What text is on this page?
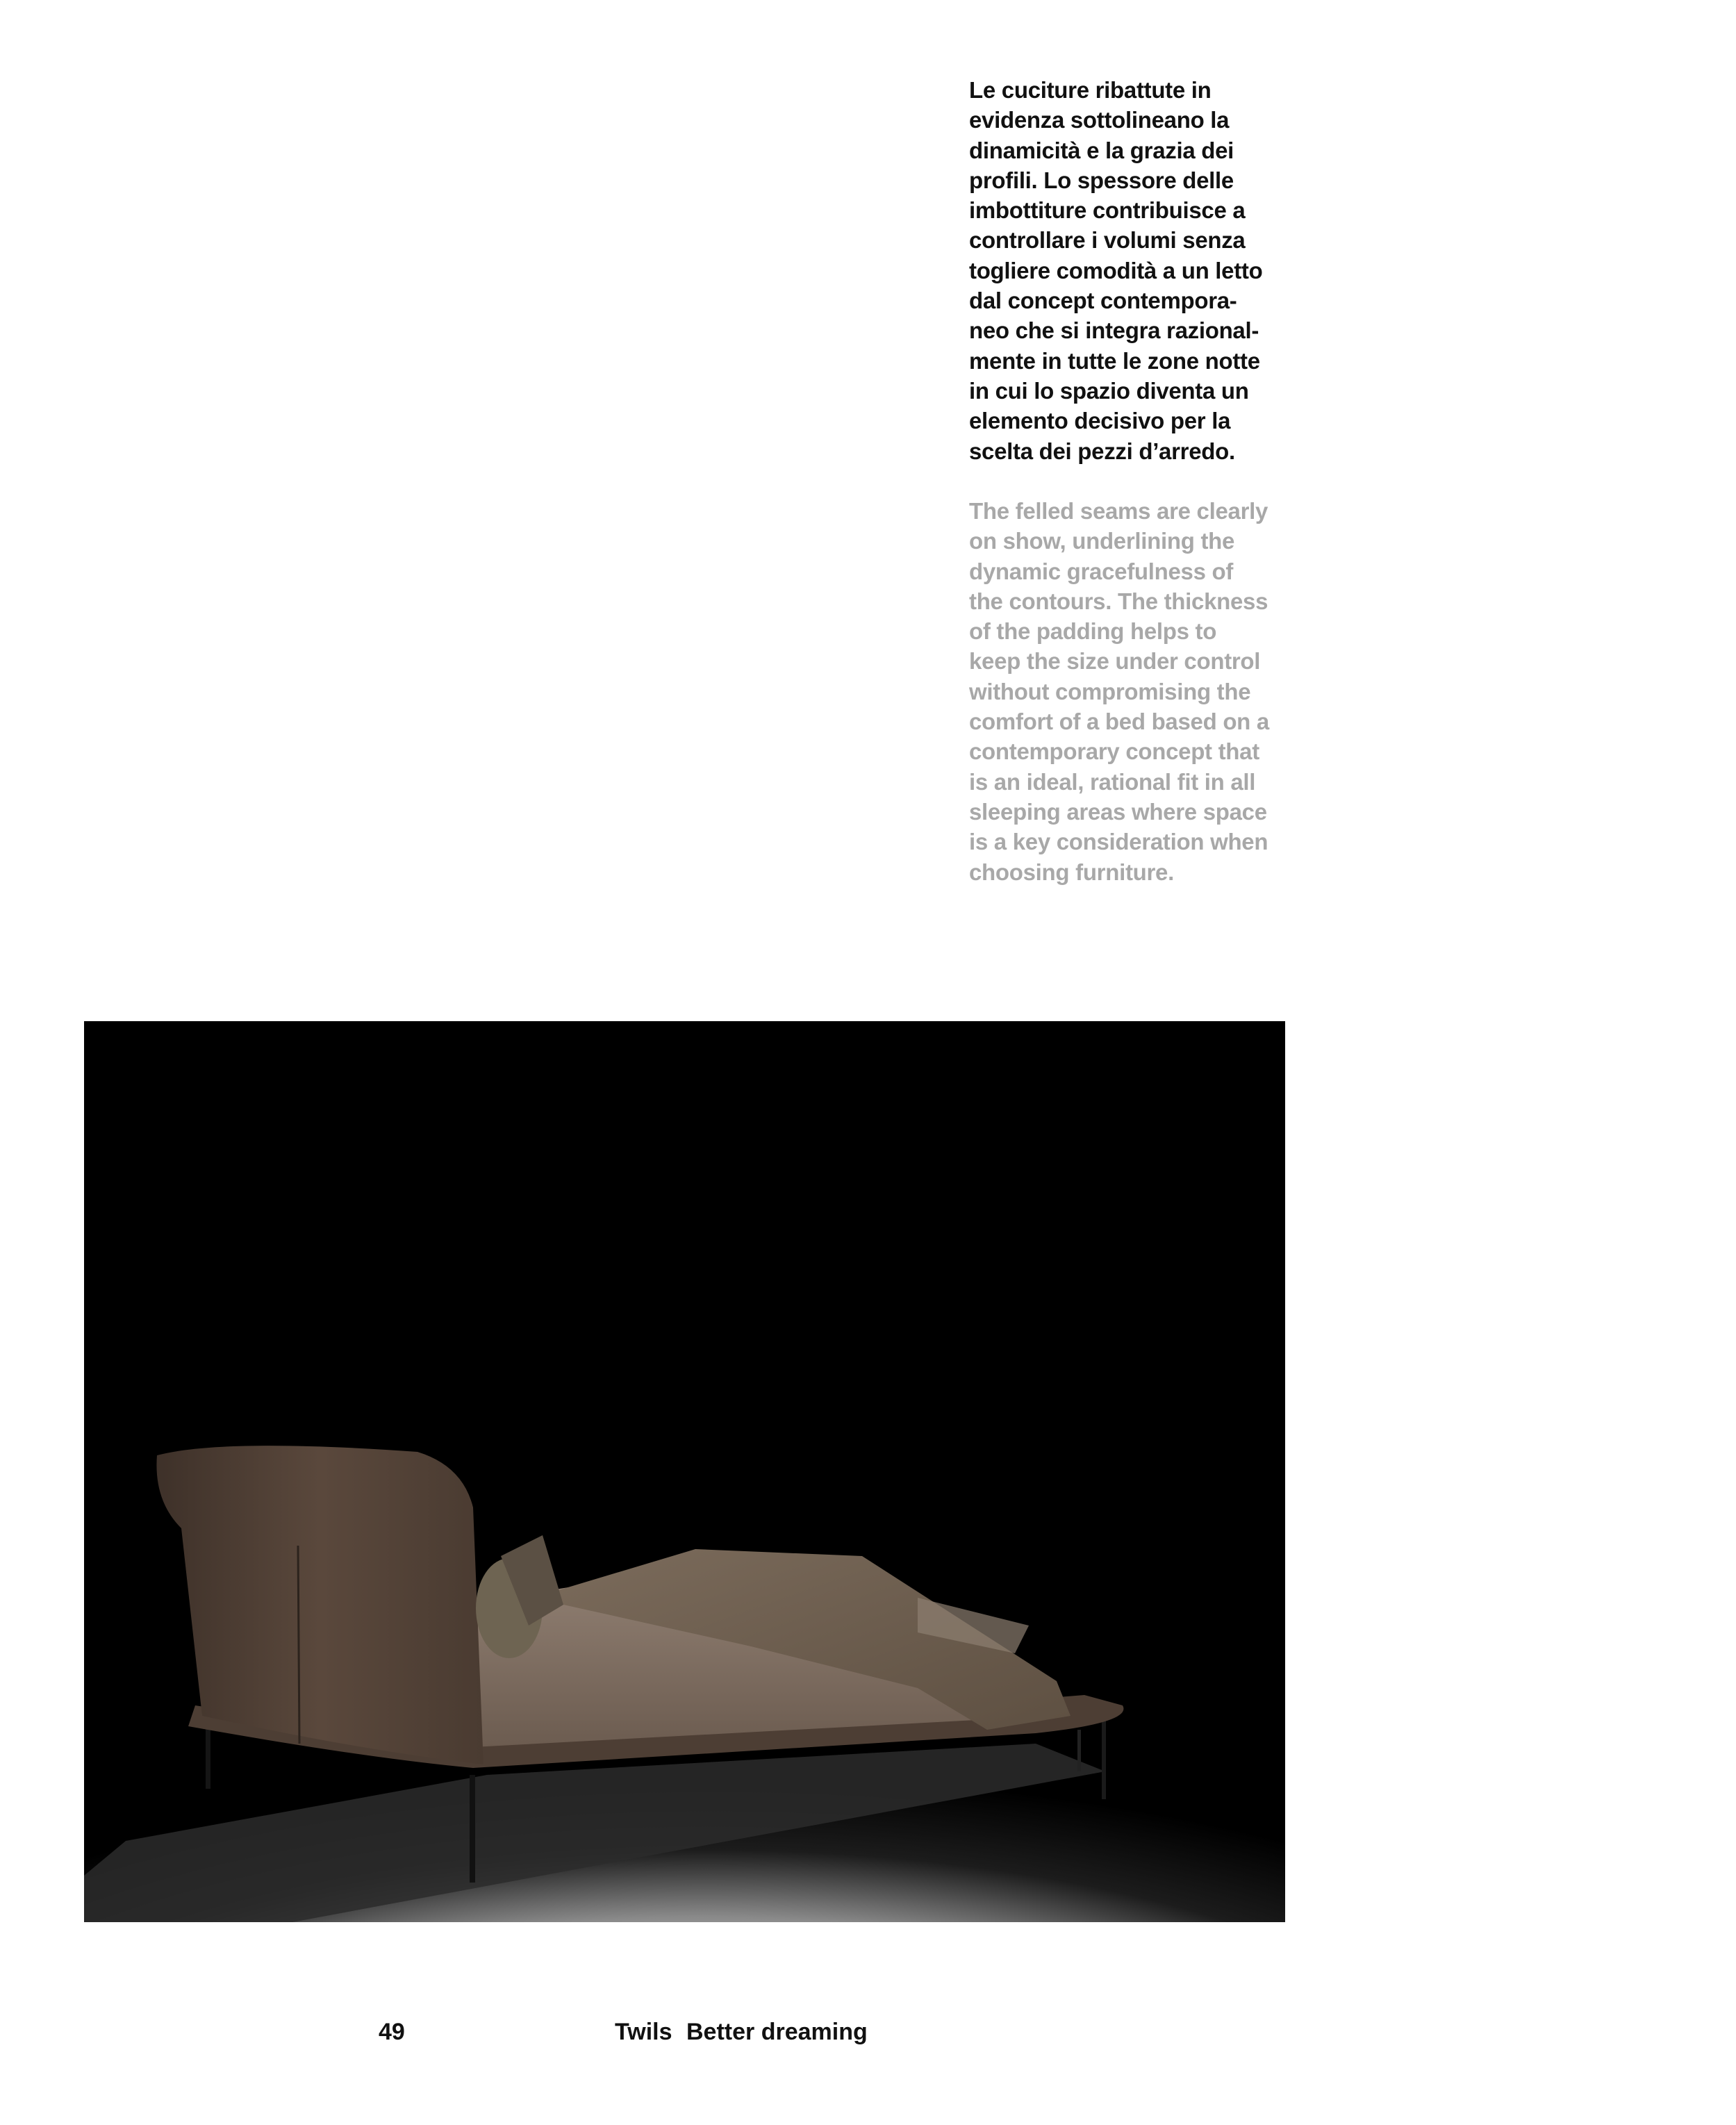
Le cuciture ribattute in
evidenza sottolineano la
dinamicità e la grazia dei
profili. Lo spessore delle
imbottiture contribuisce a
controllare i volumi senza
togliere comodità a un letto
dal concept contempora-
neo che si integra razional-
mente in tutte le zone notte
in cui lo spazio diventa un
elemento decisivo per la
scelta dei pezzi d’arredo.
The felled seams are clearly
on show, underlining the
dynamic gracefulness of
the contours. The thickness
of the padding helps to
keep the size under control
without compromising the
comfort of a bed based on a
contemporary concept that
is an ideal, rational fit in all
sleeping areas where space
is a key consideration when
choosing furniture.
49	Twils Better dreaming
